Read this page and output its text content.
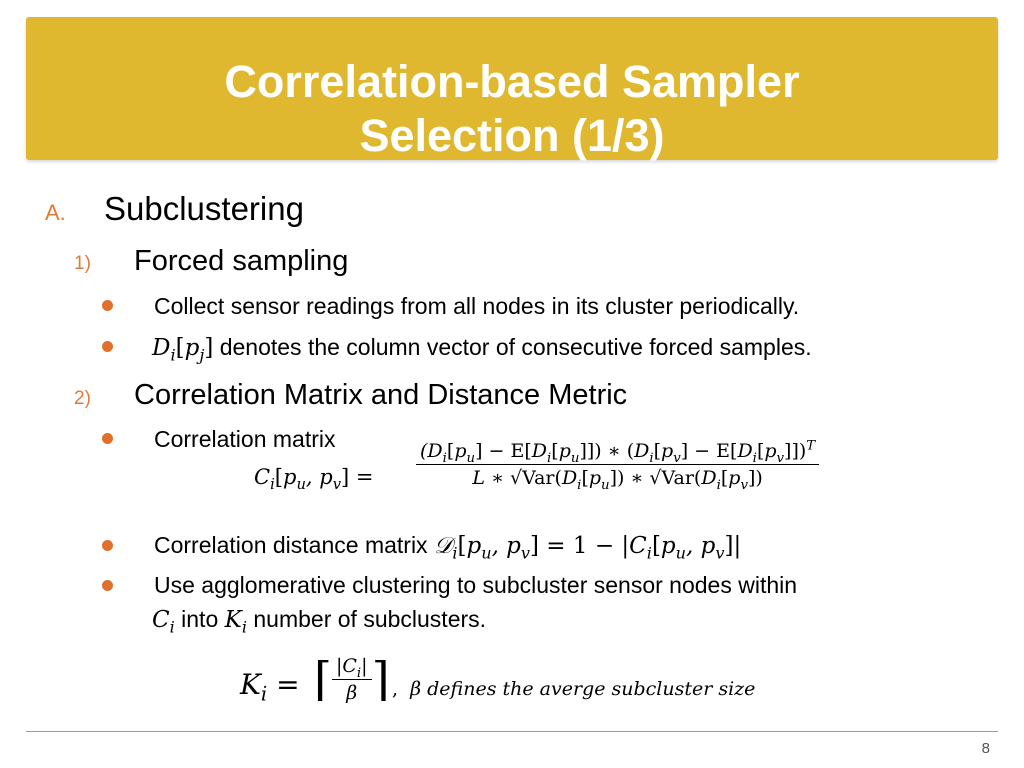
Correlation-based Sampler
Selection (1/3)
A. Subclustering
1) Forced sampling
Collect sensor readings from all nodes in its cluster periodically.
$D_i[p_j]$ denotes the column vector of consecutive forced samples.
2) Correlation Matrix and Distance Metric
Correlation matrix
$C_i[p_u$, $p_v] = \frac{(D_i[p_u] - E[D_i[p_u]]) ∗ (D_i[p_v] - E[D_i[p_v]])^T}{L ∗ √Var(D_i[p_u]) ∗ √Var(D_i[p_v])}$
Correlation distance matrix $𝒟_i[p_u$, $p_v] = 1 - |C_i[p_u$, $p_v]|$
Use agglomerative clustering to subcluster sensor nodes within
$C_i$ into $K_i$ number of subclusters.
$K_i$ = ⌈ $\frac{|C_i|}{\beta}$ ⌉ ,  β defines the averge subcluster size
8
